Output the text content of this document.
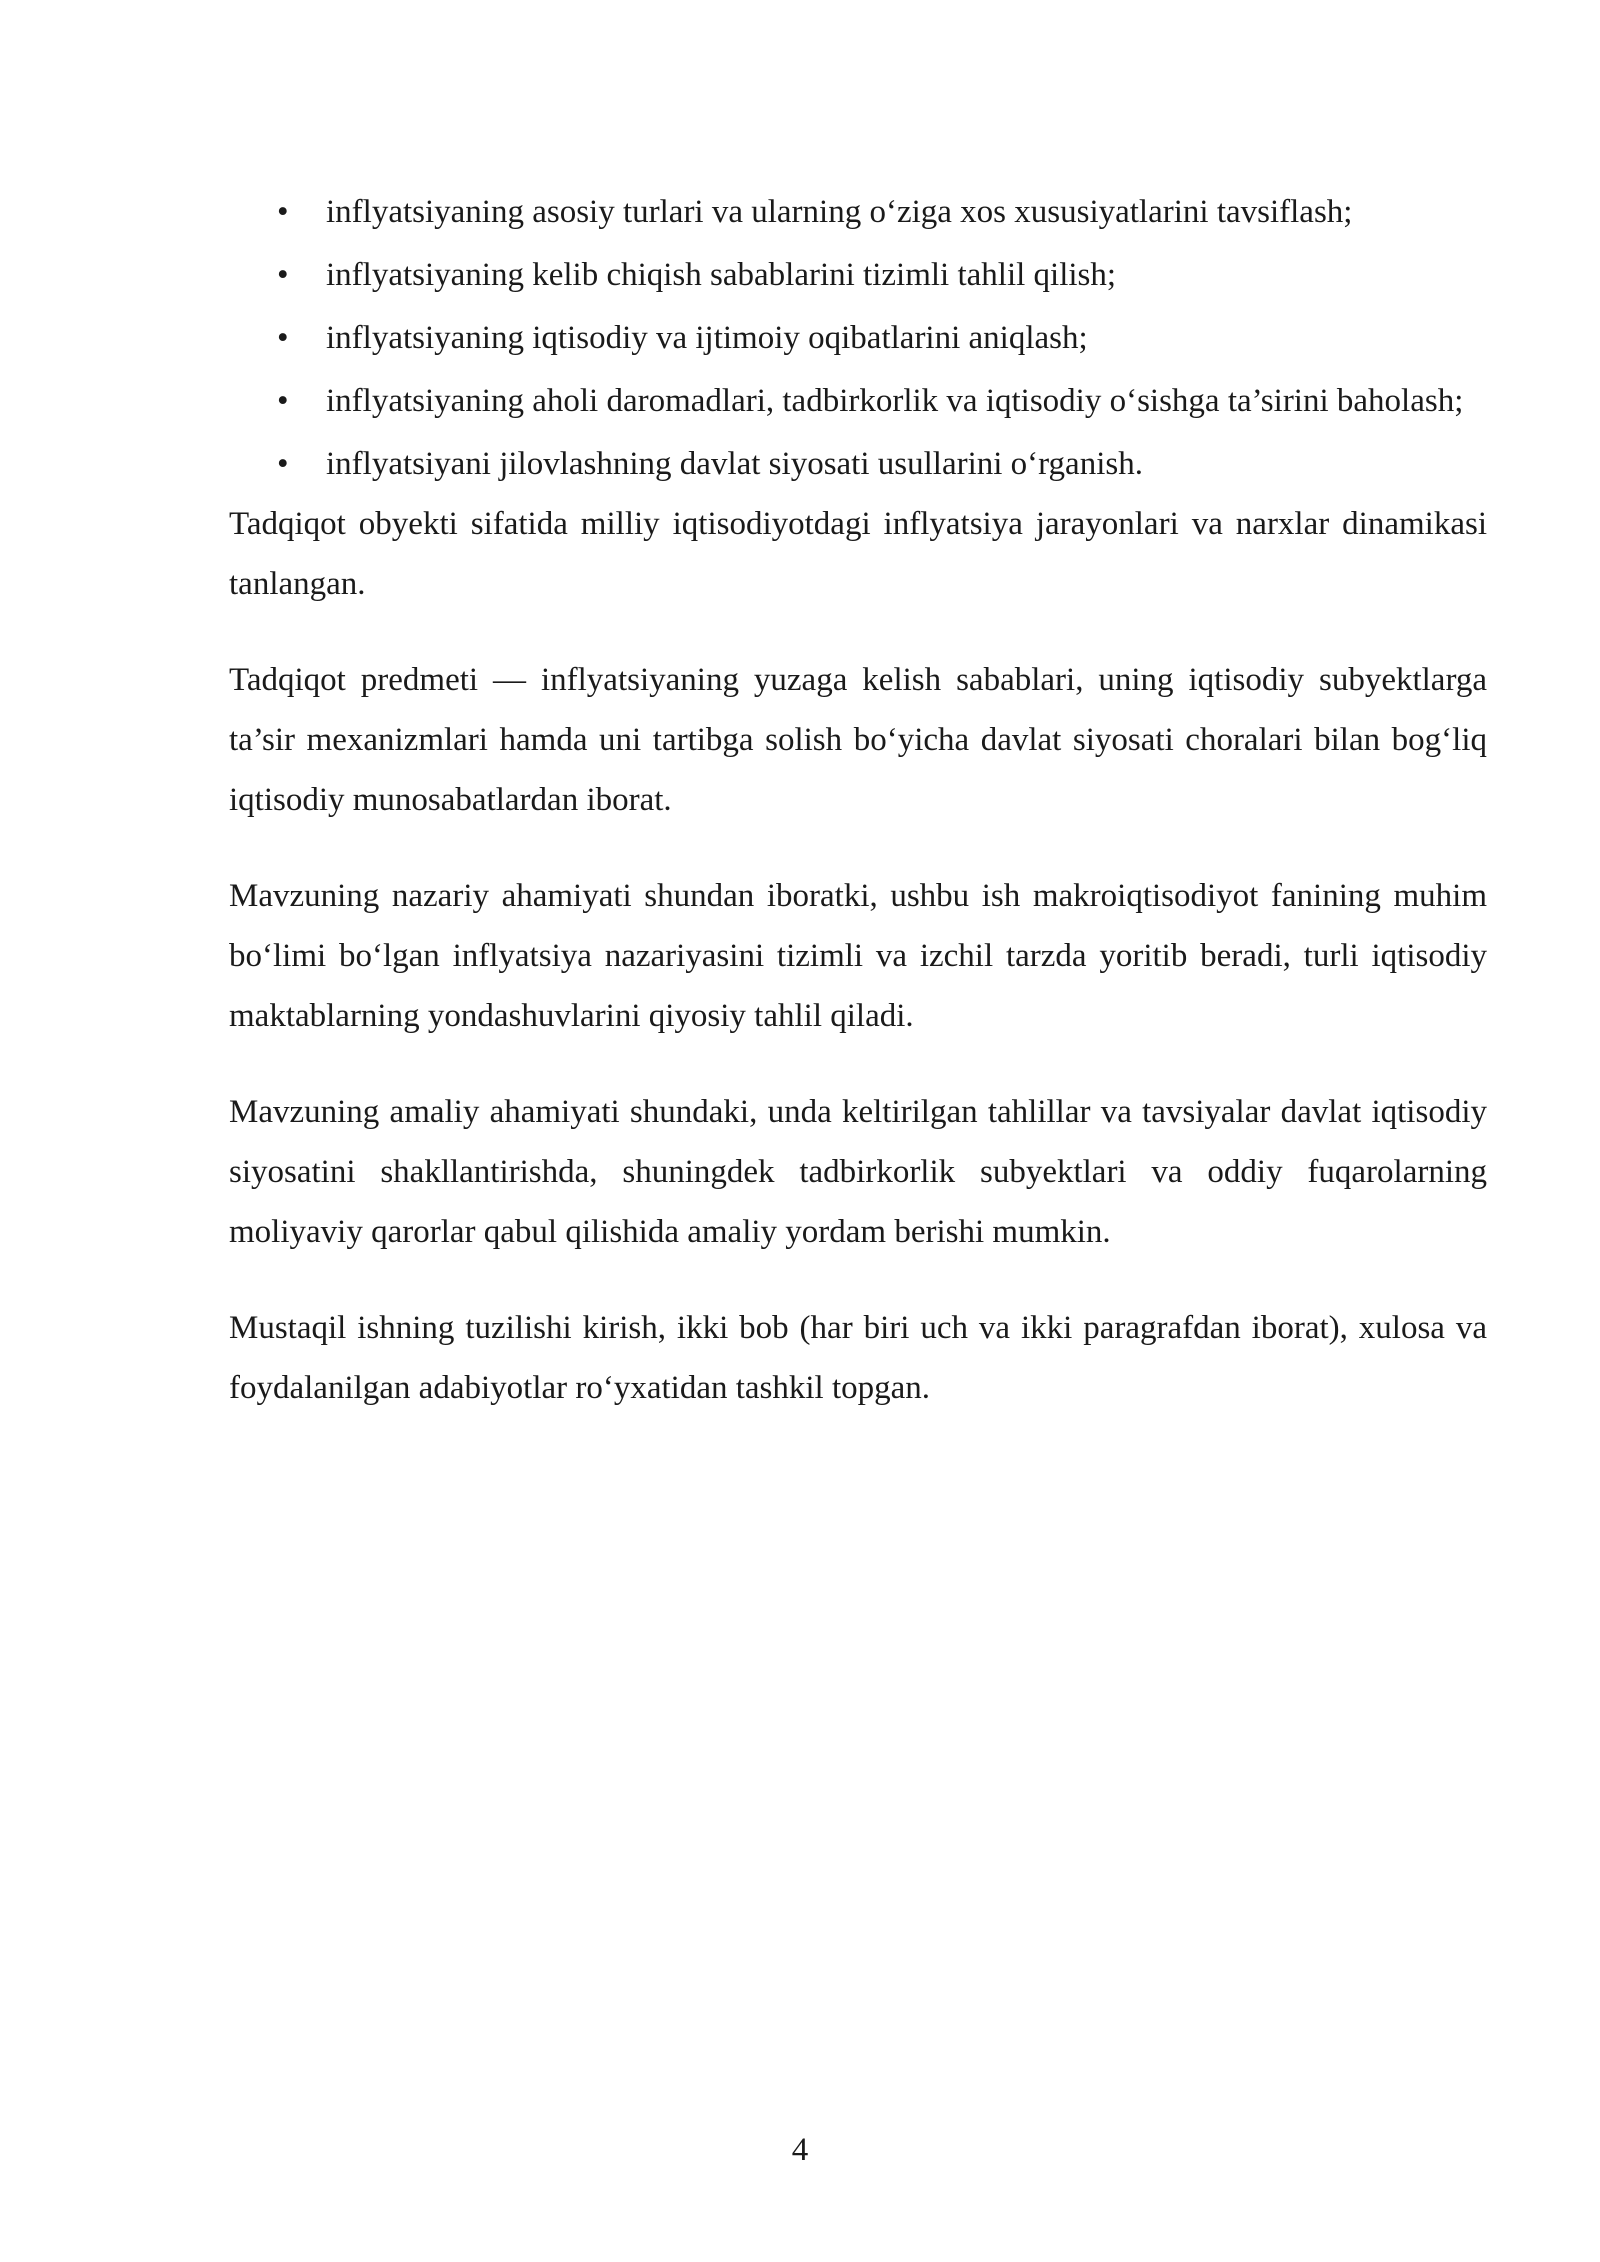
• inflyatsiyaning asosiy turlari va ularning o‘ziga xos xususiyatlarini tavsiflash;
• inflyatsiyaning kelib chiqish sabablarini tizimli tahlil qilish;
• inflyatsiyaning iqtisodiy va ijtimoiy oqibatlarini aniqlash;
• inflyatsiyaning aholi daromadlari, tadbirkorlik va iqtisodiy o‘sishga ta’sirini baholash;
• inflyatsiyani jilovlashning davlat siyosati usullarini o‘rganish.

Tadqiqot obyekti sifatida milliy iqtisodiyotdagi inflyatsiya jarayonlari va narxlar dinamikasi tanlangan.

Tadqiqot predmeti — inflyatsiyaning yuzaga kelish sabablari, uning iqtisodiy subyektlarga ta’sir mexanizmlari hamda uni tartibga solish bo‘yicha davlat siyosati choralari bilan bog‘liq iqtisodiy munosabatlardan iborat.

Mavzuning nazariy ahamiyati shundan iboratki, ushbu ish makroiqtisodiyot fanining muhim bo‘limi bo‘lgan inflyatsiya nazariyasini tizimli va izchil tarzda yoritib beradi, turli iqtisodiy maktablarning yondashuvlarini qiyosiy tahlil qiladi.

Mavzuning amaliy ahamiyati shundaki, unda keltirilgan tahlillar va tavsiyalar davlat iqtisodiy siyosatini shakllantirishda, shuningdek tadbirkorlik subyektlari va oddiy fuqarolarning moliyaviy qarorlar qabul qilishida amaliy yordam berishi mumkin.

Mustaqil ishning tuzilishi kirish, ikki bob (har biri uch va ikki paragrafdan iborat), xulosa va foydalanilgan adabiyotlar ro‘yxatidan tashkil topgan.

4
